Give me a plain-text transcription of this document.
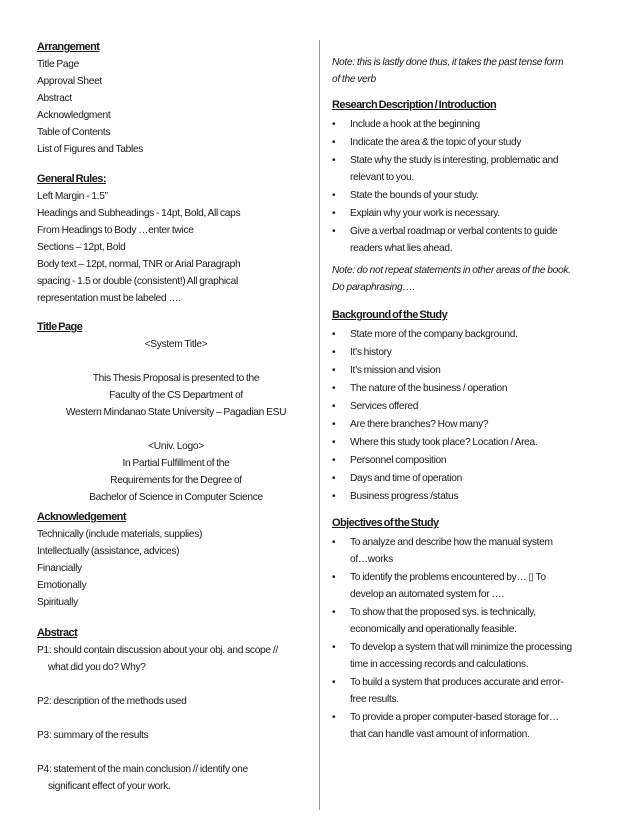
Arrangement
Title Page
Approval Sheet
Abstract
Acknowledgment
Table of Contents
List of Figures and Tables
General Rules:
Left Margin - 1.5”
Headings and Subheadings - 14pt, Bold, All caps
From Headings to Body …enter twice
Sections – 12pt, Bold
Body text – 12pt, normal, TNR or Arial Paragraph
spacing - 1.5 or double (consistent!) All graphical
representation must be labeled ….
Title Page
<System Title>
This Thesis Proposal is presented to the
Faculty of the CS Department of
Western Mindanao State University – Pagadian ESU
<Univ. Logo>
In Partial Fulfillment of the
Requirements for the Degree of
Bachelor of Science in Computer Science
Acknowledgement
Technically (include materials, supplies)
Intellectually (assistance, advices)
Financially
Emotionally
Spiritually
Abstract
P1: should contain discussion about your obj. and scope //
what did you do? Why?
P2: description of the methods used
P3: summary of the results
P4: statement of the main conclusion // identify one
significant effect of your work.
Note: this is lastly done thus, it takes the past tense form
of the verb
Research Description / Introduction
• Include a hook at the beginning
• Indicate the area & the topic of your study
• State why the study is interesting, problematic and
relevant to you.
• State the bounds of your study.
• Explain why your work is necessary.
• Give a verbal roadmap or verbal contents to guide
readers what lies ahead.
Note: do not repeat statements in other areas of the book.
Do paraphrasing….
Background of the Study
• State more of the company background.
• It’s history
• It’s mission and vision
• The nature of the business / operation
• Services offered
• Are there branches? How many?
• Where this study took place? Location / Area.
• Personnel composition
• Days and time of operation
• Business progress /status
Objectives of the Study
• To analyze and describe how the manual system
of…works
• To identify the problems encountered by… ▯ To
develop an automated system for ….
• To show that the proposed sys. is technically,
economically and operationally feasible.
• To develop a system that will minimize the processing
time in accessing records and calculations.
• To build a system that produces accurate and error-
free results.
• To provide a proper computer-based storage for…
that can handle vast amount of information.
